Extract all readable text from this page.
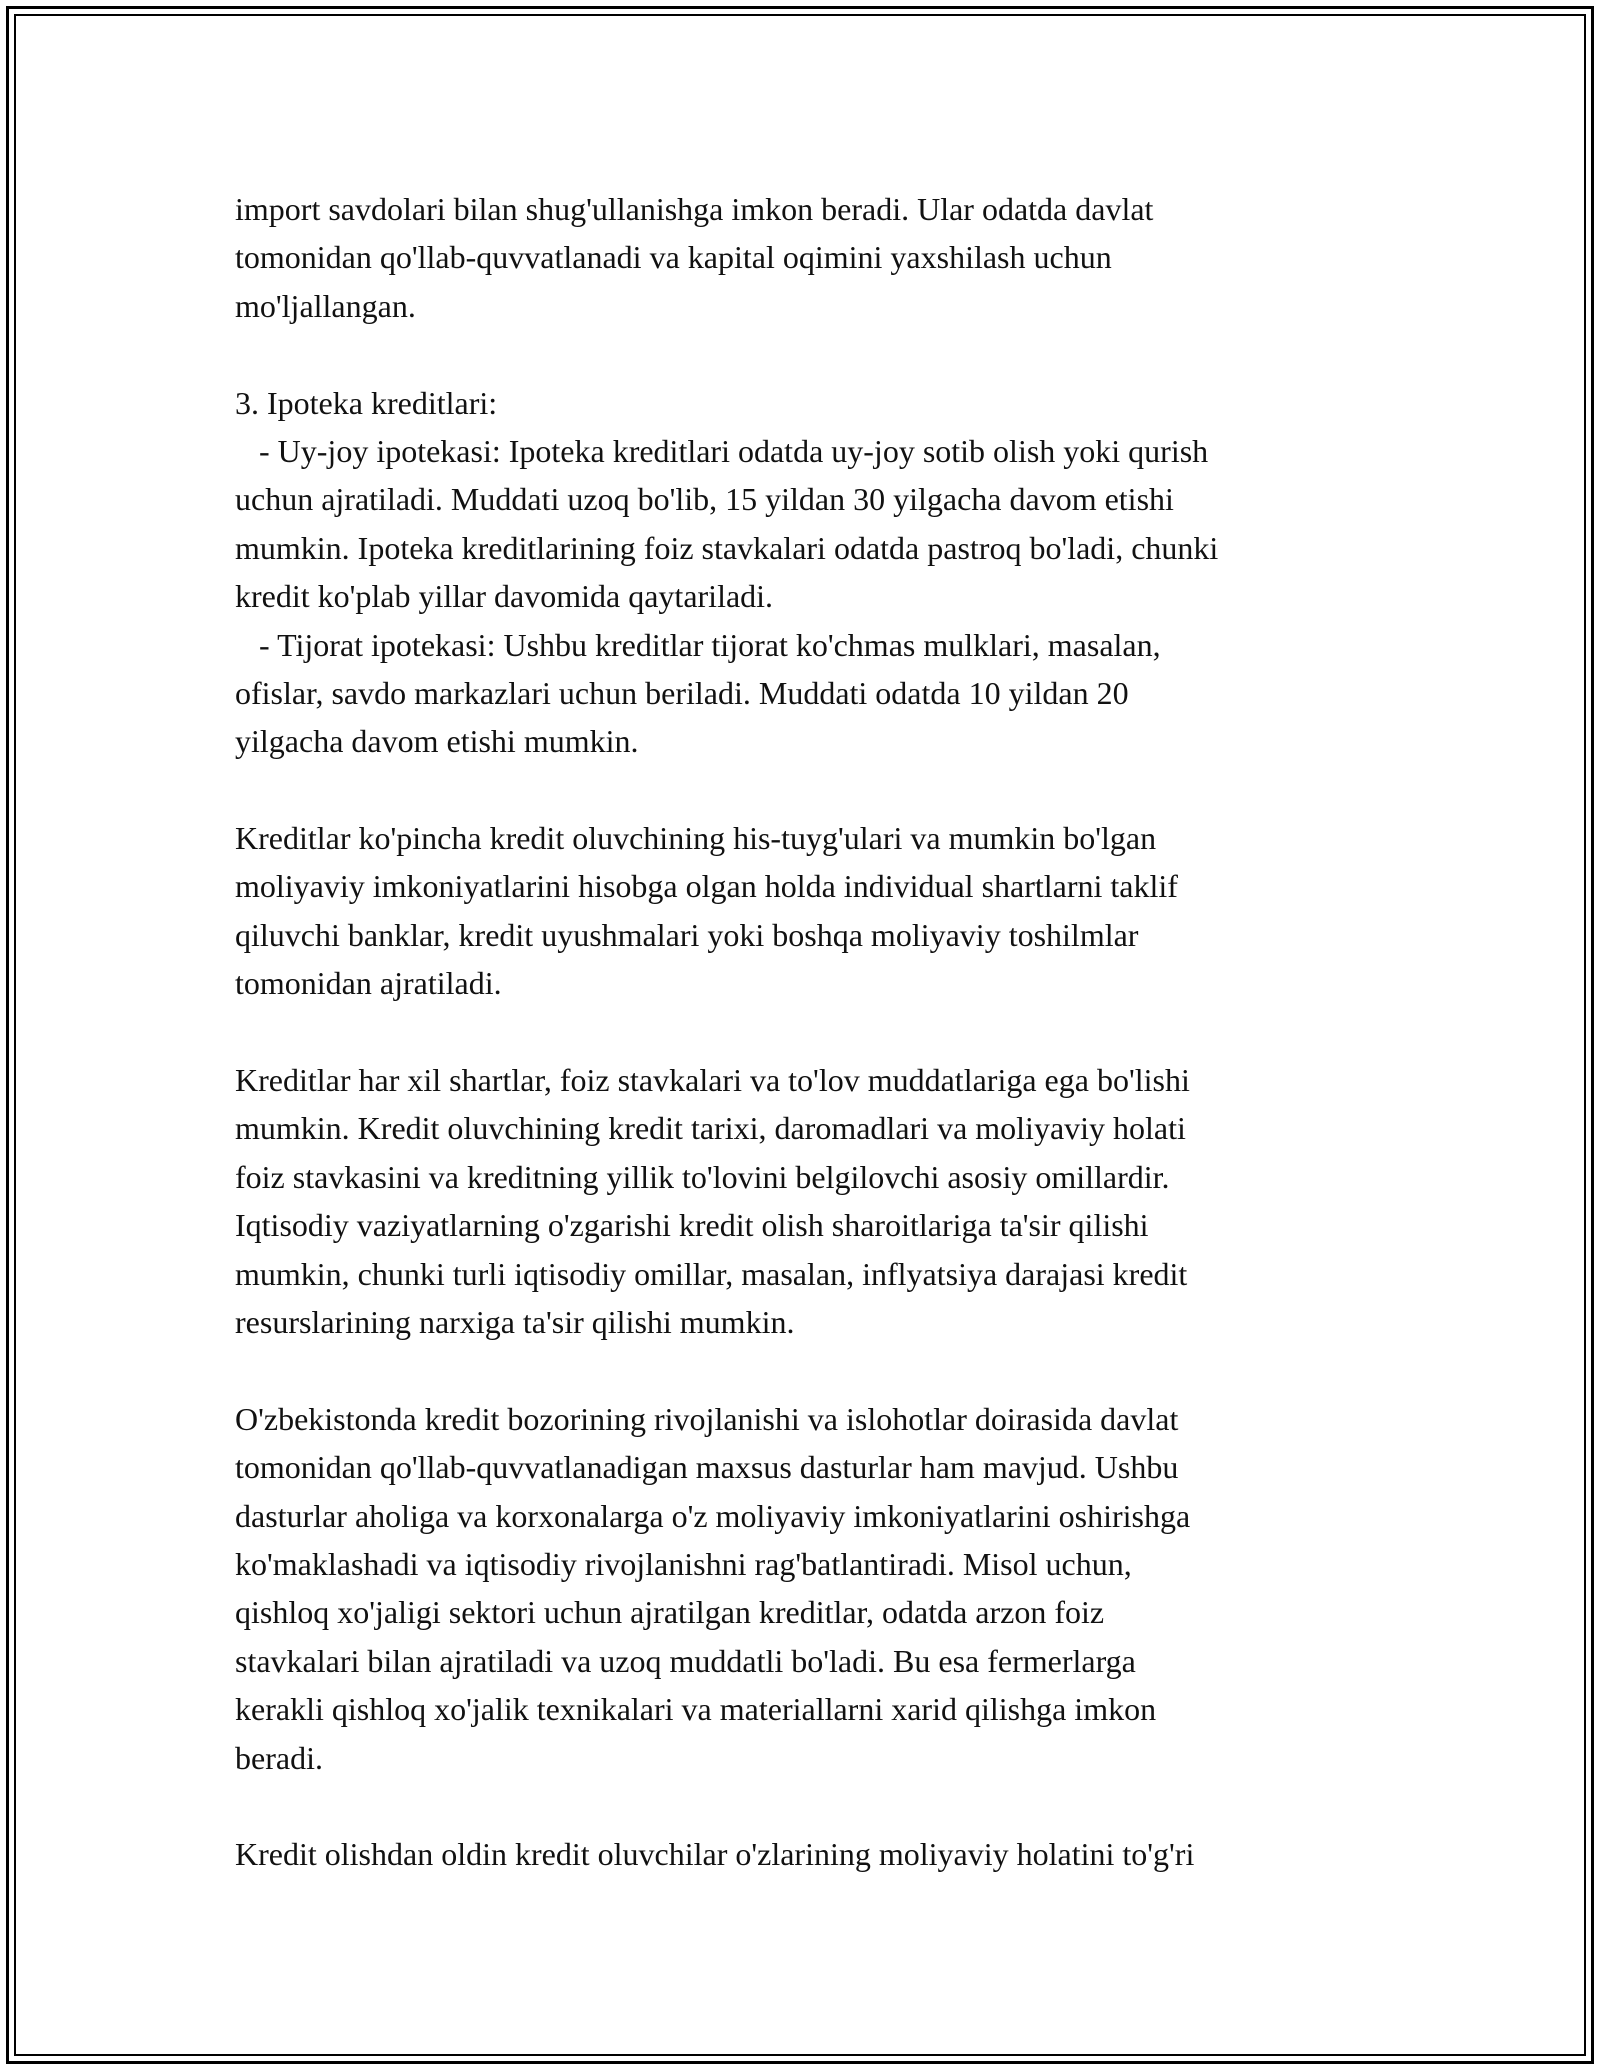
import savdolari bilan shug'ullanishga imkon beradi. Ular odatda davlat
tomonidan qo'llab-quvvatlanadi va kapital oqimini yaxshilash uchun
mo'ljallangan.
3. Ipoteka kreditlari:
- Uy-joy ipotekasi: Ipoteka kreditlari odatda uy-joy sotib olish yoki qurish
uchun ajratiladi. Muddati uzoq bo'lib, 15 yildan 30 yilgacha davom etishi
mumkin. Ipoteka kreditlarining foiz stavkalari odatda pastroq bo'ladi, chunki
kredit ko'plab yillar davomida qaytariladi.
- Tijorat ipotekasi: Ushbu kreditlar tijorat ko'chmas mulklari, masalan,
ofislar, savdo markazlari uchun beriladi. Muddati odatda 10 yildan 20
yilgacha davom etishi mumkin.
Kreditlar ko'pincha kredit oluvchining his-tuyg'ulari va mumkin bo'lgan
moliyaviy imkoniyatlarini hisobga olgan holda individual shartlarni taklif
qiluvchi banklar, kredit uyushmalari yoki boshqa moliyaviy toshilmlar
tomonidan ajratiladi.
Kreditlar har xil shartlar, foiz stavkalari va to'lov muddatlariga ega bo'lishi
mumkin. Kredit oluvchining kredit tarixi, daromadlari va moliyaviy holati
foiz stavkasini va kreditning yillik to'lovini belgilovchi asosiy omillardir.
Iqtisodiy vaziyatlarning o'zgarishi kredit olish sharoitlariga ta'sir qilishi
mumkin, chunki turli iqtisodiy omillar, masalan, inflyatsiya darajasi kredit
resurslarining narxiga ta'sir qilishi mumkin.
O'zbekistonda kredit bozorining rivojlanishi va islohotlar doirasida davlat
tomonidan qo'llab-quvvatlanadigan maxsus dasturlar ham mavjud. Ushbu
dasturlar aholiga va korxonalarga o'z moliyaviy imkoniyatlarini oshirishga
ko'maklashadi va iqtisodiy rivojlanishni rag'batlantiradi. Misol uchun,
qishloq xo'jaligi sektori uchun ajratilgan kreditlar, odatda arzon foiz
stavkalari bilan ajratiladi va uzoq muddatli bo'ladi. Bu esa fermerlarga
kerakli qishloq xo'jalik texnikalari va materiallarni xarid qilishga imkon
beradi.
Kredit olishdan oldin kredit oluvchilar o'zlarining moliyaviy holatini to'g'ri
